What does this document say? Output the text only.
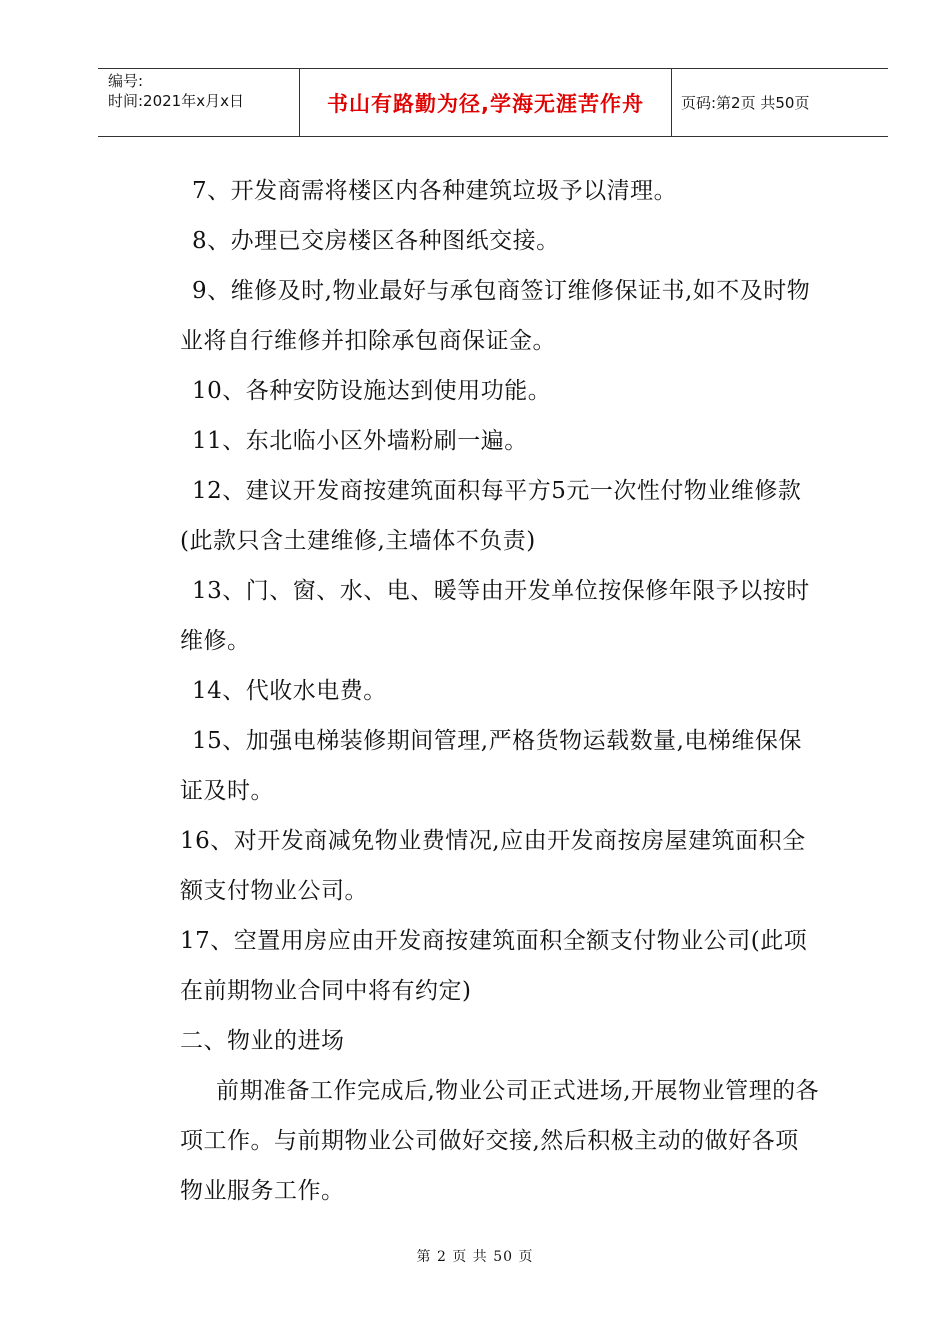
编号:
时间:2021年x月x日	书山有路勤为径,学海无涯苦作舟	页码:第2页 共50页

7、开发商需将楼区内各种建筑垃圾予以清理。

8、办理已交房楼区各种图纸交接。

9、维修及时,物业最好与承包商签订维修保证书,如不及时物业将自行维修并扣除承包商保证金。

10、各种安防设施达到使用功能。

11、东北临小区外墙粉刷一遍。

12、建议开发商按建筑面积每平方5元一次性付物业维修款(此款只含土建维修,主墙体不负责)

13、门、窗、水、电、暖等由开发单位按保修年限予以按时维修。

14、代收水电费。

15、加强电梯装修期间管理,严格货物运载数量,电梯维保保证及时。

16、对开发商减免物业费情况,应由开发商按房屋建筑面积全额支付物业公司。

17、空置用房应由开发商按建筑面积全额支付物业公司(此项在前期物业合同中将有约定)

二、物业的进场

前期准备工作完成后,物业公司正式进场,开展物业管理的各项工作。与前期物业公司做好交接,然后积极主动的做好各项物业服务工作。

第 2 页 共 50 页
